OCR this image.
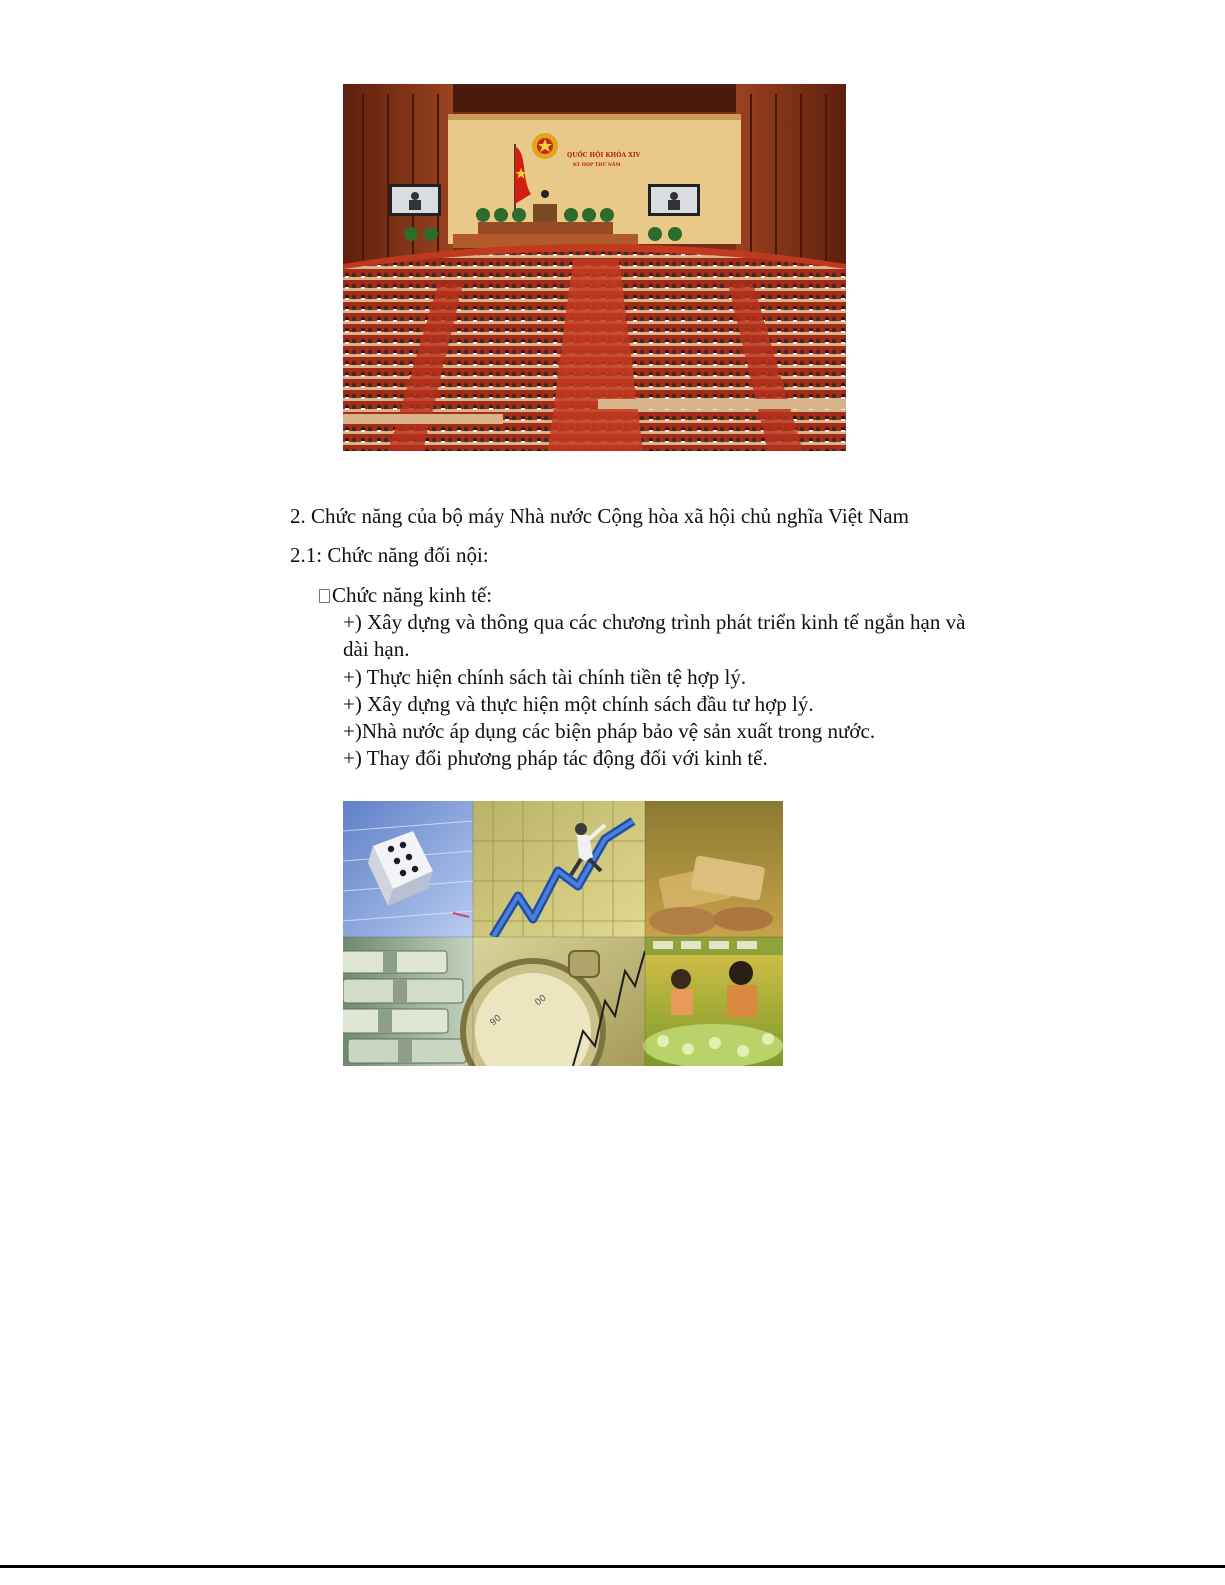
QUỐC HỘI KHÓA XIV
KỲ HỌP THỨ NĂM
2. Chức năng của bộ máy Nhà nước Cộng hòa xã hội chủ nghĩa Việt Nam
2.1: Chức năng đối nội:
Chức năng kinh tế:
+) Xây dựng và thông qua các chương trình phát triển kinh tế ngắn hạn và
dài hạn.
+) Thực hiện chính sách tài chính tiền tệ hợp lý.
+) Xây dựng và thực hiện một chính sách đầu tư hợp lý.
+)Nhà nước áp dụng các biện pháp bảo vệ sản xuất trong nước.
+) Thay đổi phương pháp tác động đối với kinh tế.
90
00
